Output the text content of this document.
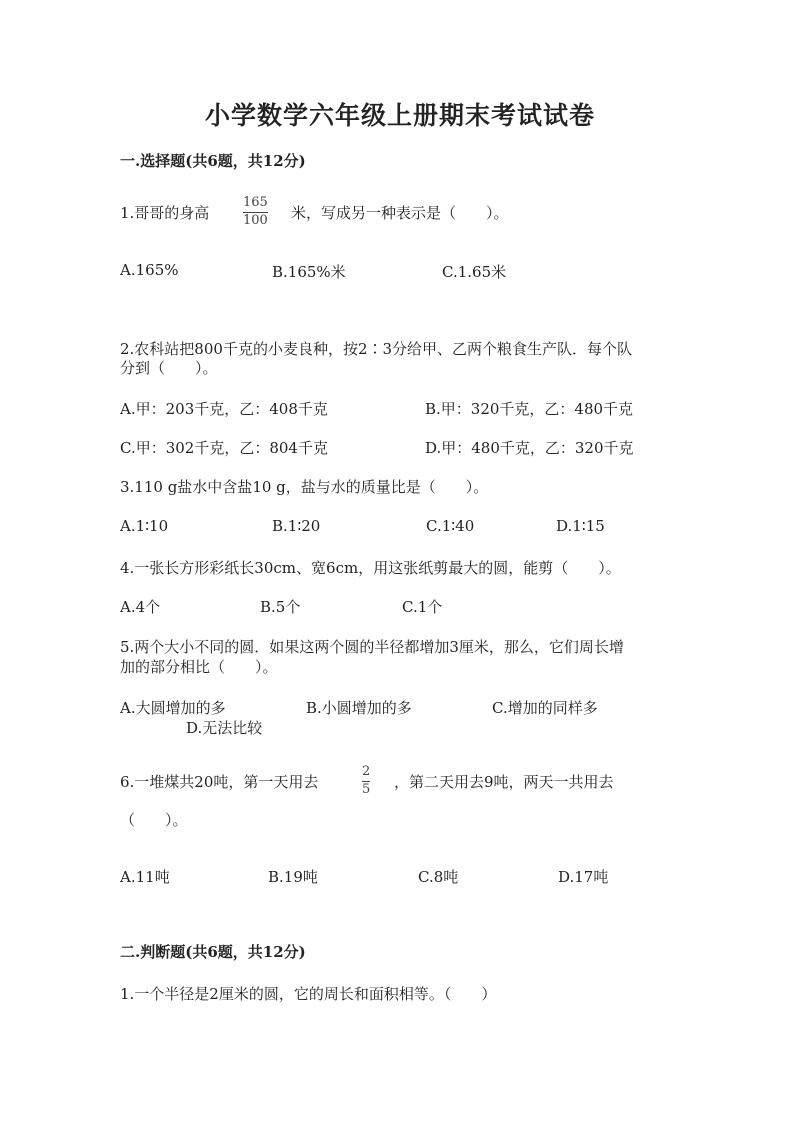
小学数学六年级上册期末考试试卷
一.选择题(共6题，共12分)
1.哥哥的身高
165
100 米，写成另一种表示是（　　）。
A.165%	B.165%米	C.1.65米
2.农科站把800千克的小麦良种，按2∶3分给甲、乙两个粮食生产队．每个队
分到（　　）。
A.甲：203千克，乙：408千克	B.甲：320千克，乙：480千克
C.甲：302千克，乙：804千克	D.甲：480千克，乙：320千克
3.110 g盐水中含盐10 g，盐与水的质量比是（　　）。
A.1∶10	B.1∶20	C.1∶40	D.1∶15
4.一张长方形彩纸长30cm、宽6cm，用这张纸剪最大的圆，能剪（　　）。
A.4个	B.5个	C.1个
5.两个大小不同的圆．如果这两个圆的半径都增加3厘米，那么，它们周长增
加的部分相比（　　）。
A.大圆增加的多	B.小圆增加的多	C.增加的同样多
D.无法比较
6.一堆煤共20吨，第一天用去
2
5 ，第二天用去9吨，两天一共用去
（　　）。
A.11吨	B.19吨	C.8吨	D.17吨
二.判断题(共6题，共12分)
1.一个半径是2厘米的圆，它的周长和面积相等。（　　）
